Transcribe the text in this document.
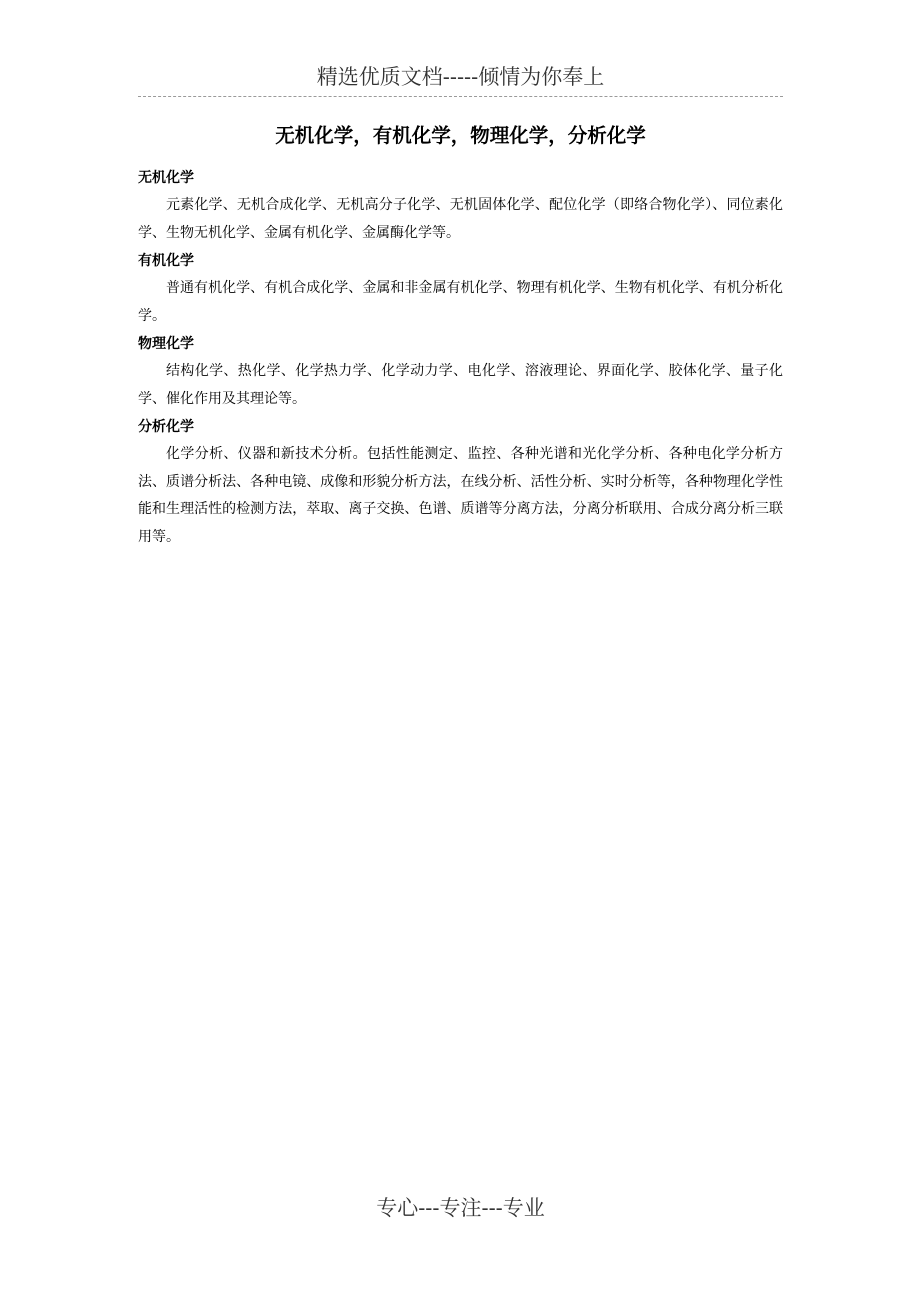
精选优质文档-----倾情为你奉上
无机化学，有机化学，物理化学，分析化学

无机化学

元素化学、无机合成化学、无机高分子化学、无机固体化学、配位化学（即络合物化学）、同位素化学、生物无机化学、金属有机化学、金属酶化学等。

有机化学

普通有机化学、有机合成化学、金属和非金属有机化学、物理有机化学、生物有机化学、有机分析化学。

物理化学

结构化学、热化学、化学热力学、化学动力学、电化学、溶液理论、界面化学、胶体化学、量子化学、催化作用及其理论等。

分析化学

化学分析、仪器和新技术分析。包括性能测定、监控、各种光谱和光化学分析、各种电化学分析方法、质谱分析法、各种电镜、成像和形貌分析方法，在线分析、活性分析、实时分析等，各种物理化学性能和生理活性的检测方法，萃取、离子交换、色谱、质谱等分离方法，分离分析联用、合成分离分析三联用等。

专心---专注---专业
